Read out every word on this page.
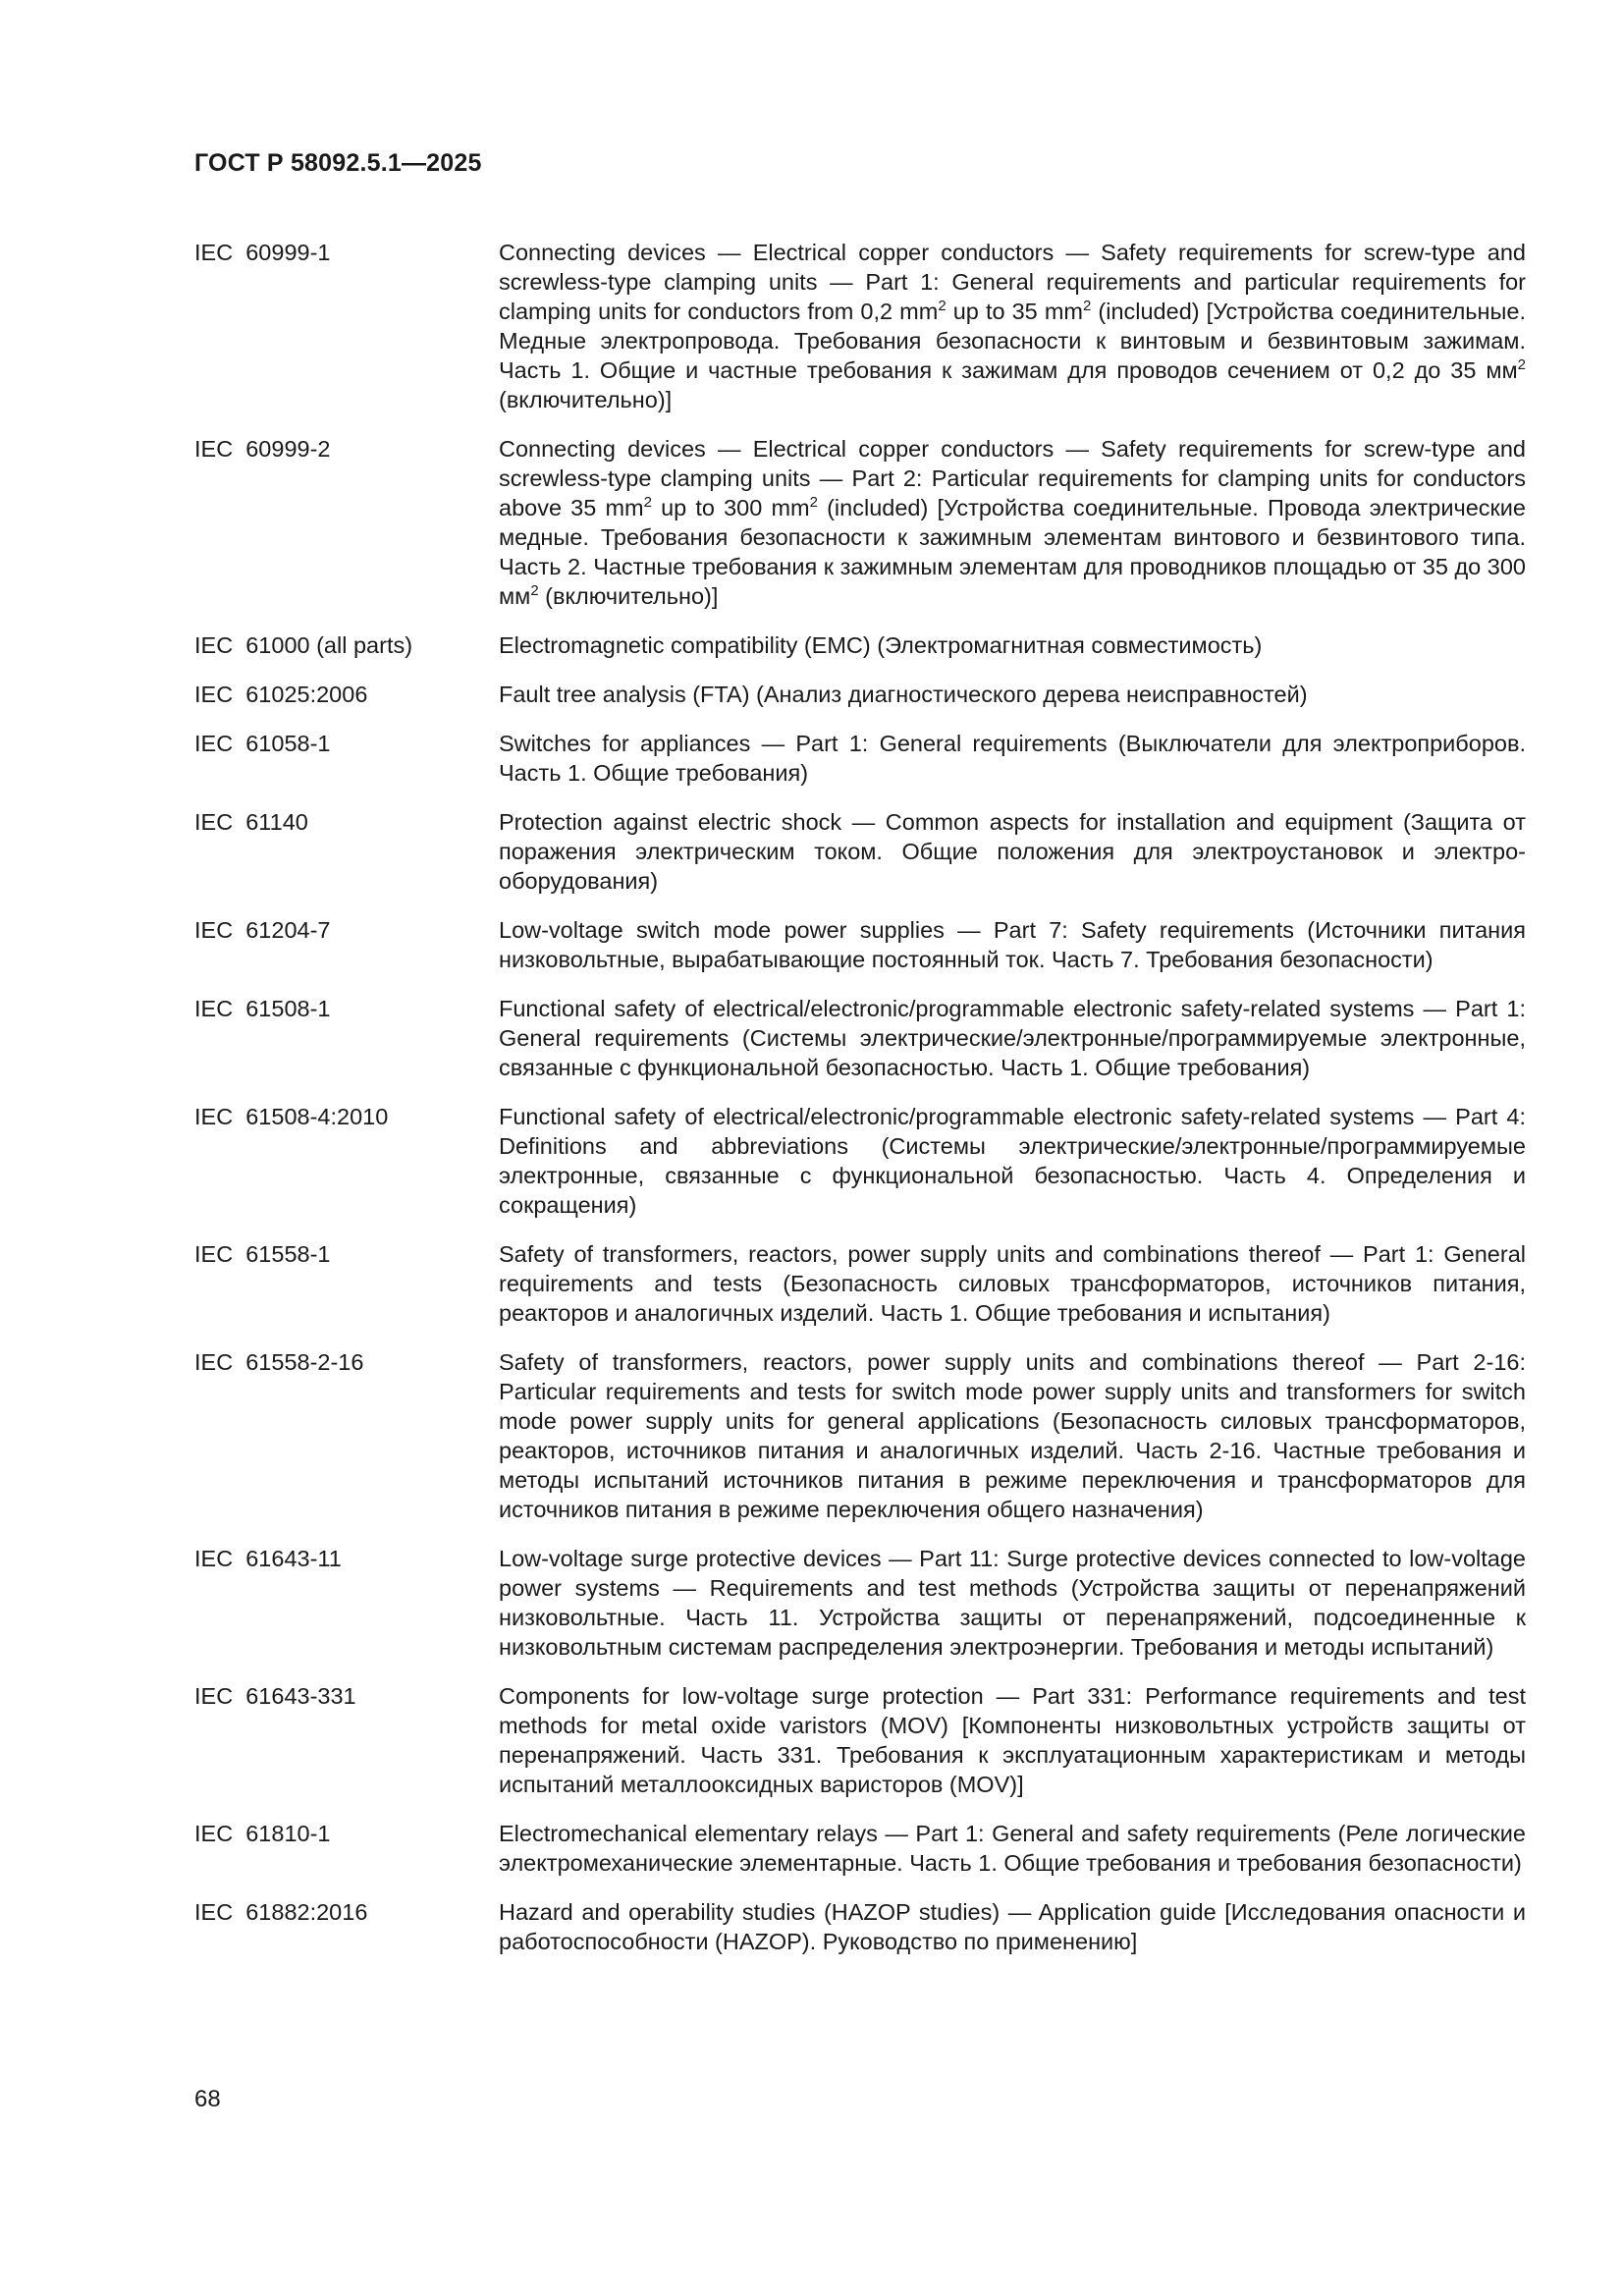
ГОСТ Р 58092.5.1—2025
IEC  60999-1	Connecting devices — Electrical copper conductors — Safety requirements for screw-type and screwless-type clamping units — Part 1: General requirements and particular requirements for clamping units for conductors from 0,2 $mm^2$ up to 35 $mm^2$ (included) [Устройства соединительные. Медные электропровода. Требования безопасности к винтовым и безвинтовым зажимам. Часть 1. Общие и частные требования к зажимам для проводов сечением от 0,2 до 35 $мм^2$ (включительно)]
IEC  60999-2	Connecting devices — Electrical copper conductors — Safety requirements for screw-type and screwless-type clamping units — Part 2: Particular requirements for clamping units for conductors above 35 $mm^2$ up to 300 $mm^2$ (included) [Устройства соединительные. Провода электрические медные. Требования безопасности к зажимным элементам винтового и безвинтового типа. Часть 2. Частные требования к зажимным элементам для проводников площадью от 35 до 300 $мм^2$ (включительно)]
IEC  61000 (all parts)	Electromagnetic compatibility (EMC) (Электромагнитная совместимость)
IEC  61025:2006	Fault tree analysis (FTA) (Анализ диагностического дерева неисправностей)
IEC  61058-1	Switches for appliances — Part 1: General requirements (Выключатели для электроприборов. Часть 1. Общие требования)
IEC  61140	Protection against electric shock — Common aspects for installation and equipment (Защита от поражения электрическим током. Общие положения для электроустановок и электрооборудования)
IEC  61204-7	Low-voltage switch mode power supplies — Part 7: Safety requirements (Источники питания низковольтные, вырабатывающие постоянный ток. Часть 7. Требования безопасности)
IEC  61508-1	Functional safety of electrical/electronic/programmable electronic safety-related systems — Part 1: General requirements (Системы электрические/электронные/программируемые электронные, связанные с функциональной безопасностью. Часть 1. Общие требования)
IEC  61508-4:2010	Functional safety of electrical/electronic/programmable electronic safety-related systems — Part 4: Definitions and abbreviations (Системы электрические/электронные/программируемые электронные, связанные с функциональной безопасностью. Часть 4. Определения и сокращения)
IEC  61558-1	Safety of transformers, reactors, power supply units and combinations thereof — Part 1: General requirements and tests (Безопасность силовых трансформаторов, источников питания, реакторов и аналогичных изделий. Часть 1. Общие требования и испытания)
IEC  61558-2-16	Safety of transformers, reactors, power supply units and combinations thereof — Part 2-16: Particular requirements and tests for switch mode power supply units and transformers for switch mode power supply units for general applications (Безопасность силовых трансформаторов, реакторов, источников питания и аналогичных изделий. Часть 2-16. Частные требования и методы испытаний источников питания в режиме переключения и трансформаторов для источников питания в режиме переключения общего назначения)
IEC  61643-11	Low-voltage surge protective devices — Part 11: Surge protective devices connected to low-voltage power systems — Requirements and test methods (Устройства защиты от перенапряжений низковольтные. Часть 11. Устройства защиты от перенапряжений, подсоединенные к низковольтным системам распределения электроэнергии. Требования и методы испытаний)
IEC  61643-331	Components for low-voltage surge protection — Part 331: Performance requirements and test methods for metal oxide varistors (MOV) [Компоненты низковольтных устройств защиты от перенапряжений. Часть 331. Требования к эксплуатационным характеристикам и методы испытаний металлооксидных варисторов (MOV)]
IEC  61810-1	Electromechanical elementary relays — Part 1: General and safety requirements (Реле логические электромеханические элементарные. Часть 1. Общие требования и требования безопасности)
IEC  61882:2016	Hazard and operability studies (HAZOP studies) — Application guide [Исследования опасности и работоспособности (HAZOP). Руководство по применению]
68
